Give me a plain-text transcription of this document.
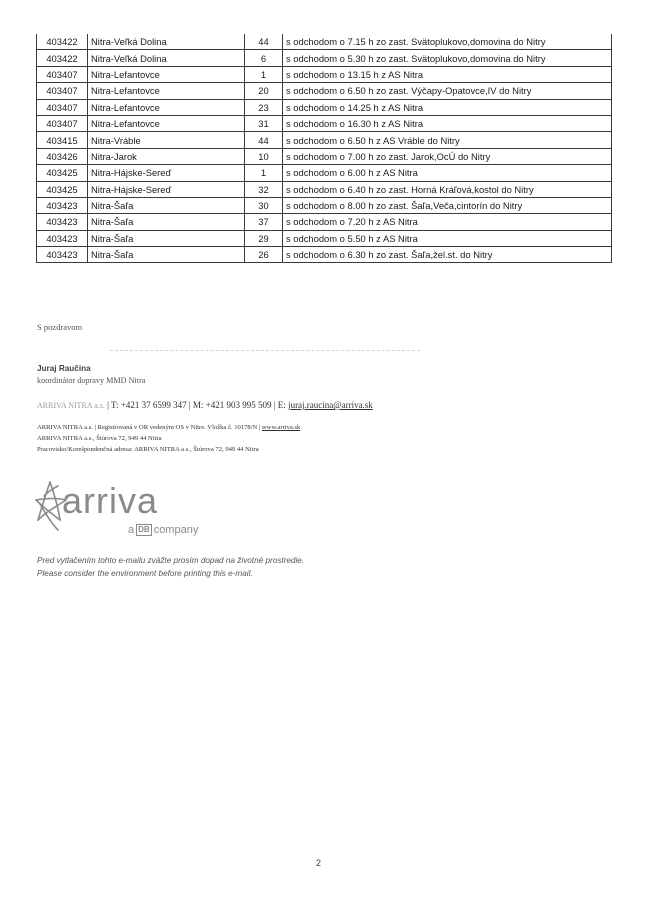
403422	Nitra-Veľká Dolina	44	s odchodom o 7.15 h zo zast. Svätoplukovo,domovina do Nitry
403422	Nitra-Veľká Dolina	6	s odchodom o 5.30 h zo zast. Svätoplukovo,domovina do Nitry
403407	Nitra-Lefantovce	1	s odchodom o 13.15 h z AS Nitra
403407	Nitra-Lefantovce	20	s odchodom o 6.50 h zo zast. Výčapy-Opatovce,IV do Nitry
403407	Nitra-Lefantovce	23	s odchodom o 14.25 h z AS Nitra
403407	Nitra-Lefantovce	31	s odchodom o 16.30 h z AS Nitra
403415	Nitra-Vráble	44	s odchodom o 6.50 h z AS Vráble do Nitry
403426	Nitra-Jarok	10	s odchodom o 7.00 h zo zast. Jarok,OcÚ do Nitry
403425	Nitra-Hájske-Sereď	1	s odchodom o 6.00 h z AS Nitra
403425	Nitra-Hájske-Sereď	32	s odchodom o 6.40 h zo zast. Horná Kráľová,kostol do Nitry
403423	Nitra-Šaľa	30	s odchodom o 8.00 h zo zast. Šaľa,Veča,cintorín do Nitry
403423	Nitra-Šaľa	37	s odchodom o 7.20 h z AS Nitra
403423	Nitra-Šaľa	29	s odchodom o 5.50 h z AS Nitra
403423	Nitra-Šaľa	26	s odchodom o 6.30 h zo zast. Šaľa,žel.st. do Nitry
S pozdravom
Juraj Raučina
koordinátor dopravy MMD Nitra
ARRIVA NITRA a.s. | T: +421 37 6599 347 | M: +421 903 995 509 | E: juraj.raucina@arriva.sk
ARRIVA NITRA a.s. | Registrovaná v OR vedeným OS v Nitre. Vložka č. 10178/N | www.arriva.sk
ARRIVA NITRA a.s., Štúrova 72, 949 44 Nitra
Pracovisko/Korešpondenčná adresa: ARRIVA NITRA a.s., Štúrova 72, 949 44 Nitra
arriva
a DB company
Pred vytlačením tohto e-mailu zvážte prosím dopad na životné prostredie.
Please consider the environment before printing this e-mail.
2
